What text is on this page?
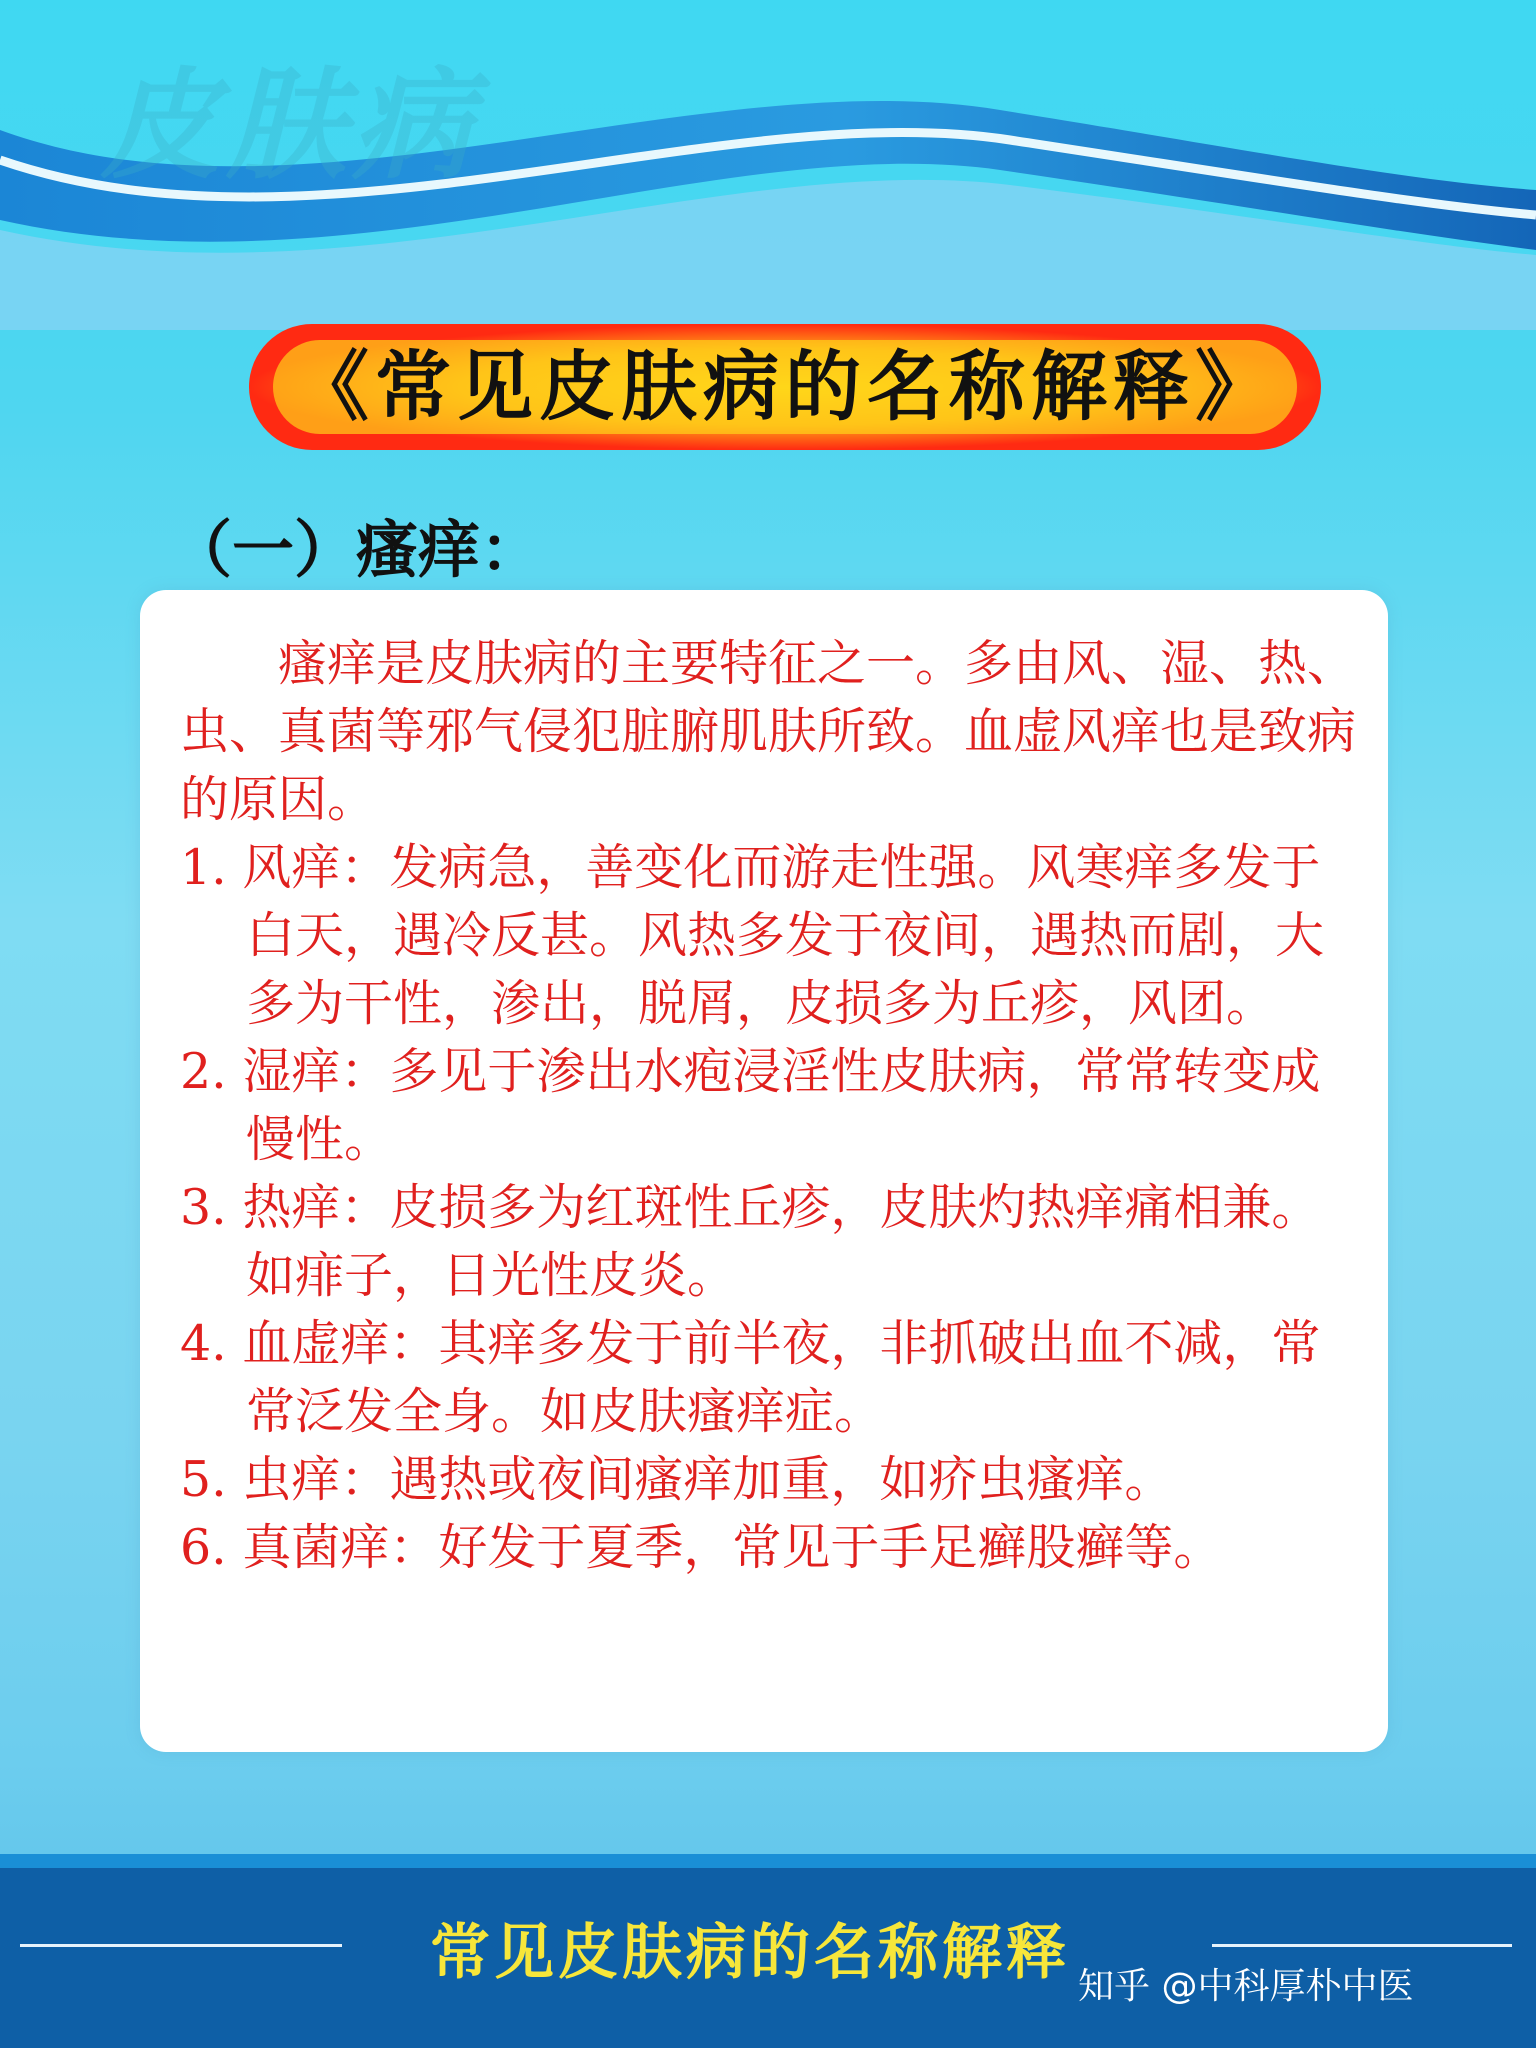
皮肤病
《常见皮肤病的名称解释》
（一）瘙痒：

瘙痒是皮肤病的主要特征之一。多由风、湿、热、虫、真菌等邪气侵犯脏腑肌肤所致。血虚风痒也是致病的原因。

1. 风痒：发病急，善变化而游走性强。风寒痒多发于白天，遇冷反甚。风热多发于夜间，遇热而剧，大多为干性，渗出，脱屑，皮损多为丘疹，风团。

2. 湿痒：多见于渗出水疱浸淫性皮肤病，常常转变成慢性。

3. 热痒：皮损多为红斑性丘疹，皮肤灼热痒痛相兼。如痱子，日光性皮炎。

4. 血虚痒：其痒多发于前半夜，非抓破出血不减，常常泛发全身。如皮肤瘙痒症。

5. 虫痒：遇热或夜间瘙痒加重，如疥虫瘙痒。

6. 真菌痒：好发于夏季，常见于手足癣股癣等。

常见皮肤病的名称解释 知乎 @中科厚朴中医
